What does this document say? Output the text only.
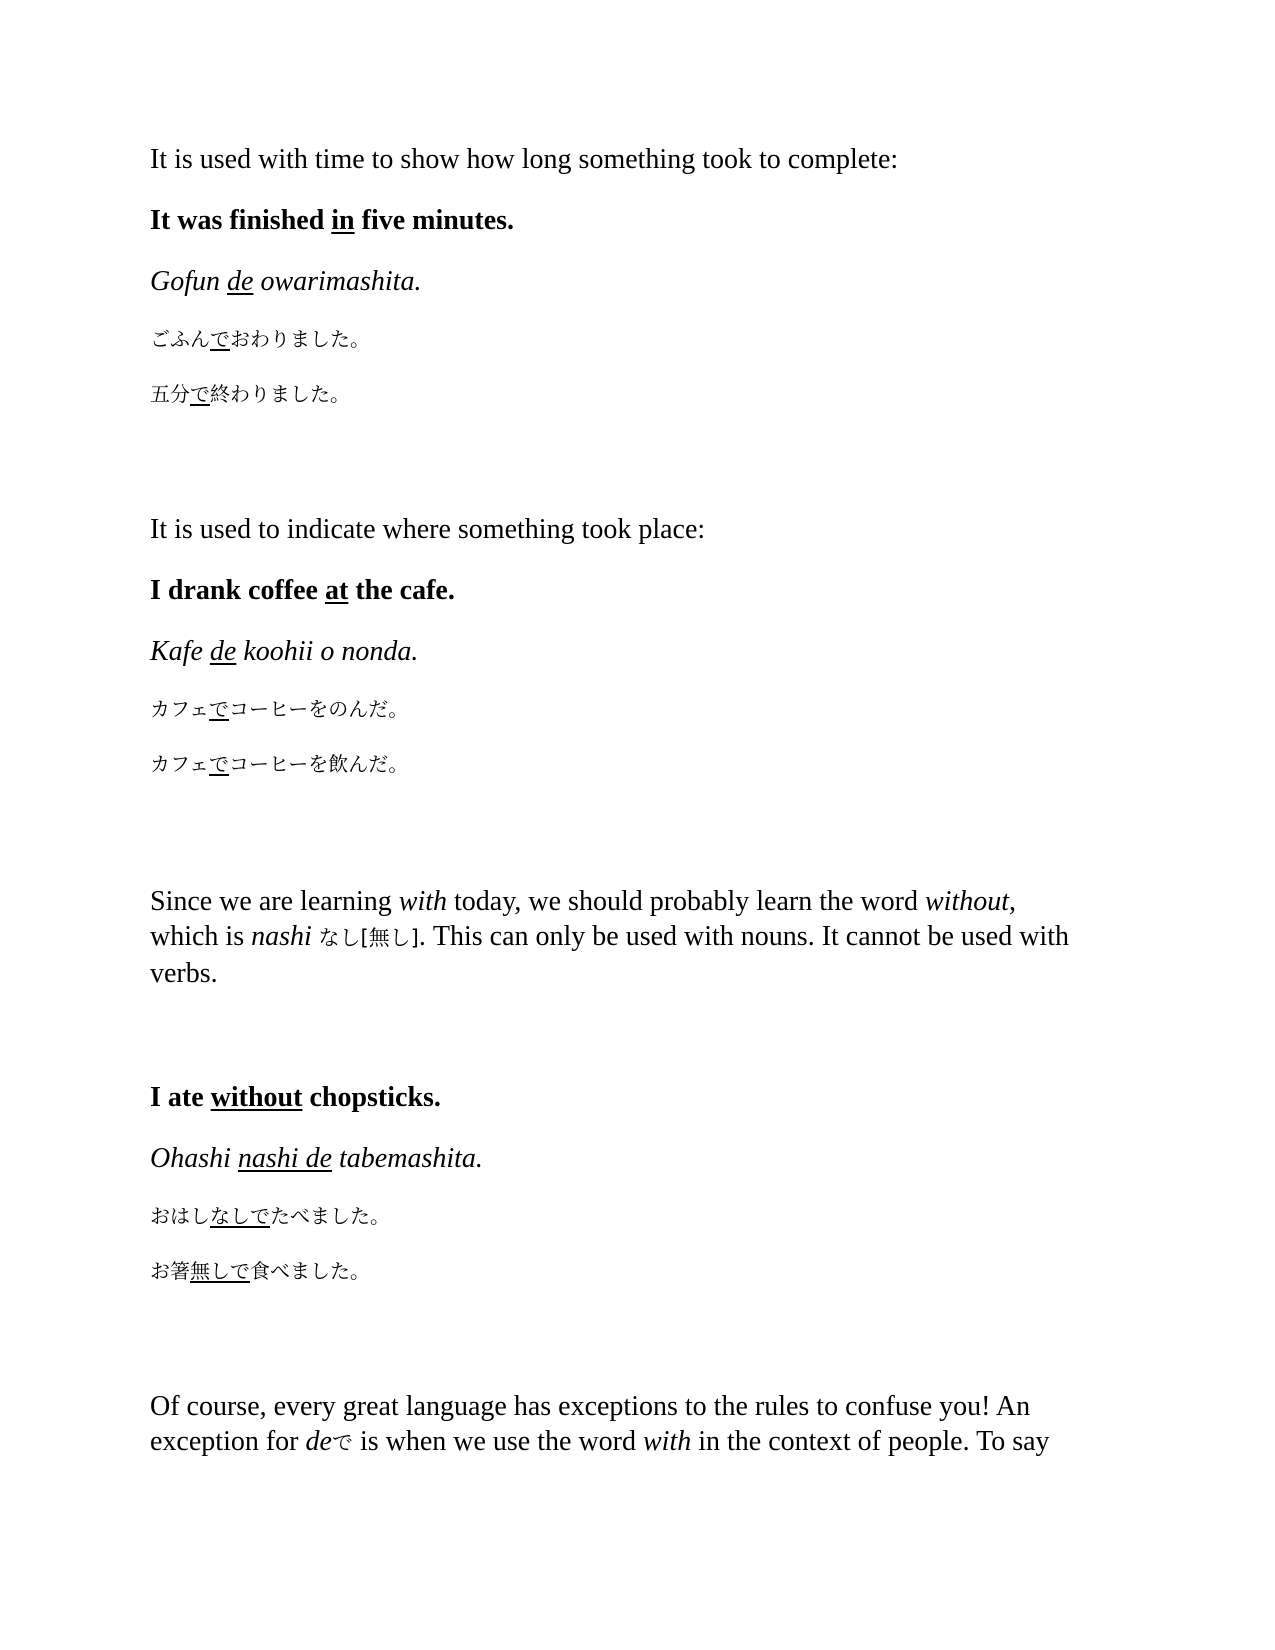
It is used with time to show how long something took to complete:

It was finished in five minutes.

Gofun de owarimashita.

ごふんでおわりました。

五分で終わりました。

It is used to indicate where something took place:

I drank coffee at the cafe.

Kafe de koohii o nonda.

カフェでコーヒーをのんだ。

カフェでコーヒーを飲んだ。

Since we are learning with today, we should probably learn the word without, which is nashi なし[無し]. This can only be used with nouns. It cannot be used with verbs.

I ate without chopsticks.

Ohashi nashi de tabemashita.

おはしなしでたべました。

お箸無しで食べました。

Of course, every great language has exceptions to the rules to confuse you! An exception for deで is when we use the word with in the context of people. To say
